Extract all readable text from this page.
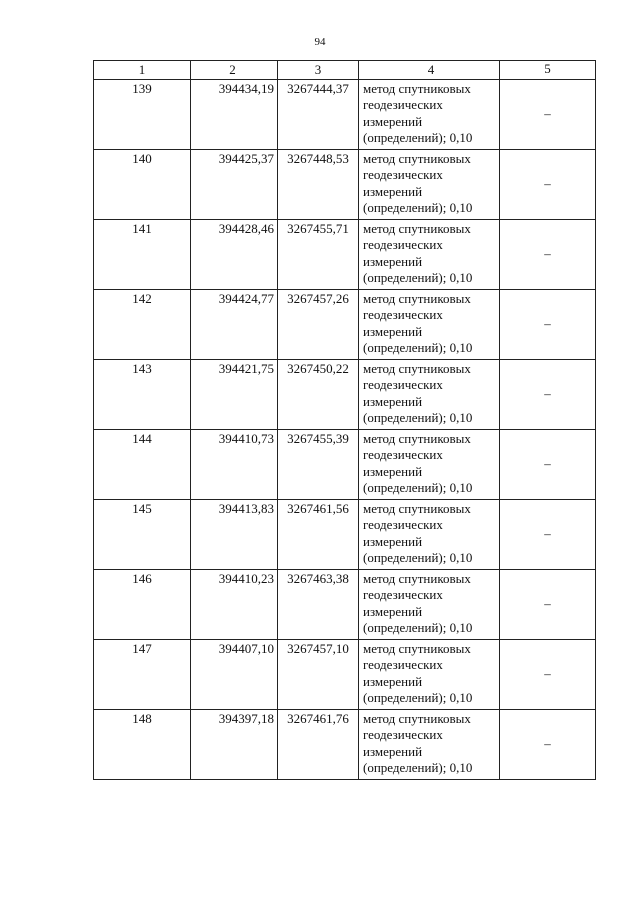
94
1	2	3	4	5
139	394434,19	3267444,37	метод спутниковых
геодезических
измерений
(определений); 0,10	–
140	394425,37	3267448,53	метод спутниковых
геодезических
измерений
(определений); 0,10	–
141	394428,46	3267455,71	метод спутниковых
геодезических
измерений
(определений); 0,10	–
142	394424,77	3267457,26	метод спутниковых
геодезических
измерений
(определений); 0,10	–
143	394421,75	3267450,22	метод спутниковых
геодезических
измерений
(определений); 0,10	–
144	394410,73	3267455,39	метод спутниковых
геодезических
измерений
(определений); 0,10	–
145	394413,83	3267461,56	метод спутниковых
геодезических
измерений
(определений); 0,10	–
146	394410,23	3267463,38	метод спутниковых
геодезических
измерений
(определений); 0,10	–
147	394407,10	3267457,10	метод спутниковых
геодезических
измерений
(определений); 0,10	–
148	394397,18	3267461,76	метод спутниковых
геодезических
измерений
(определений); 0,10	–
